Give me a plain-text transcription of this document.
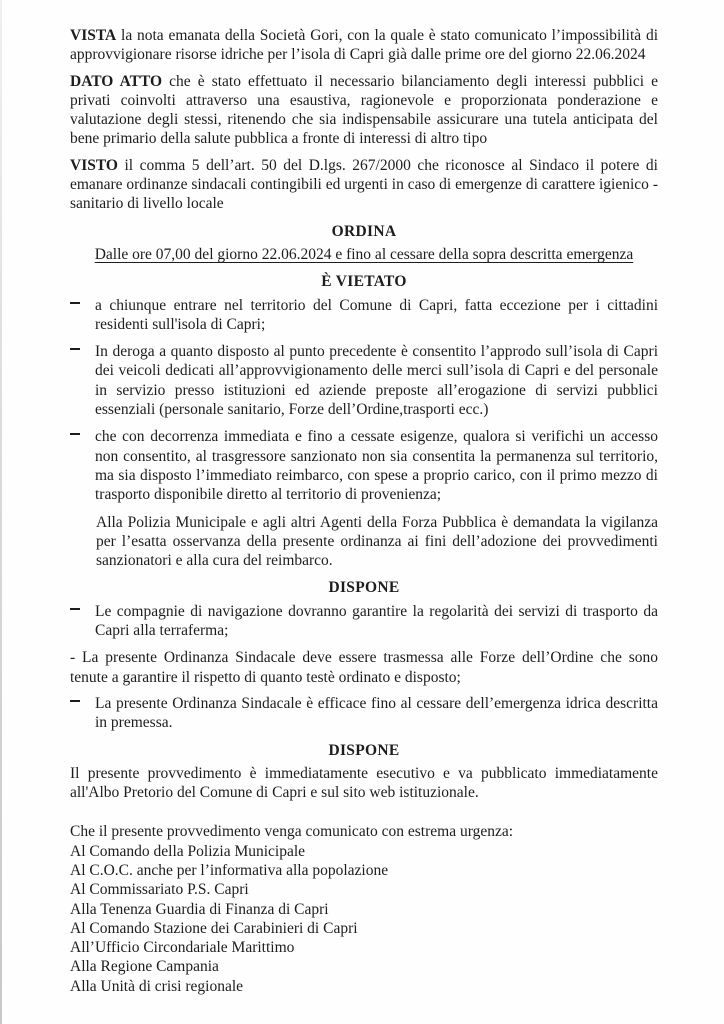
VISTA la nota emanata della Società Gori, con la quale è stato comunicato l’impossibilità di approvvigionare risorse idriche per l’isola di Capri già dalle prime ore del giorno 22.06.2024

DATO ATTO che è stato effettuato il necessario bilanciamento degli interessi pubblici e privati coinvolti attraverso una esaustiva, ragionevole e proporzionata ponderazione e valutazione degli stessi, ritenendo che sia indispensabile assicurare una tutela anticipata del bene primario della salute pubblica a fronte di interessi di altro tipo

VISTO il comma 5 dell’art. 50 del D.lgs. 267/2000 che riconosce al Sindaco il potere di emanare ordinanze sindacali contingibili ed urgenti in caso di emergenze di carattere igienico - sanitario di livello locale

ORDINA

Dalle ore 07,00 del giorno 22.06.2024 e fino al cessare della sopra descritta emergenza

È VIETATO

a chiunque entrare nel territorio del Comune di Capri, fatta eccezione per i cittadini residenti sull'isola di Capri;

In deroga a quanto disposto al punto precedente è consentito l’approdo sull’isola di Capri dei veicoli dedicati all’approvvigionamento delle merci sull’isola di Capri e del personale in servizio presso istituzioni ed aziende preposte all’erogazione di servizi pubblici essenziali (personale sanitario, Forze dell’Ordine,trasporti ecc.)

che con decorrenza immediata e fino a cessate esigenze, qualora si verifichi un accesso non consentito, al trasgressore sanzionato non sia consentita la permanenza sul territorio, ma sia disposto l’immediato reimbarco, con spese a proprio carico, con il primo mezzo di trasporto disponibile diretto al territorio di provenienza;

Alla Polizia Municipale e agli altri Agenti della Forza Pubblica è demandata la vigilanza per l’esatta osservanza della presente ordinanza ai fini dell’adozione dei provvedimenti sanzionatori e alla cura del reimbarco.

DISPONE

Le compagnie di navigazione dovranno garantire la regolarità dei servizi di trasporto da Capri alla terraferma;

- La presente Ordinanza Sindacale deve essere trasmessa alle Forze dell’Ordine che sono tenute a garantire il rispetto di quanto testè ordinato e disposto;

La presente Ordinanza Sindacale è efficace fino al cessare dell’emergenza idrica descritta in premessa.

DISPONE

Il presente provvedimento è immediatamente esecutivo e va pubblicato immediatamente all'Albo Pretorio del Comune di Capri e sul sito web istituzionale.

Che il presente provvedimento venga comunicato con estrema urgenza:

Al Comando della Polizia Municipale

Al C.O.C. anche per l’informativa alla popolazione

Al Commissariato P.S. Capri

Alla Tenenza Guardia di Finanza di Capri

Al Comando Stazione dei Carabinieri di Capri

All’Ufficio Circondariale Marittimo

Alla Regione Campania

Alla Unità di crisi regionale
